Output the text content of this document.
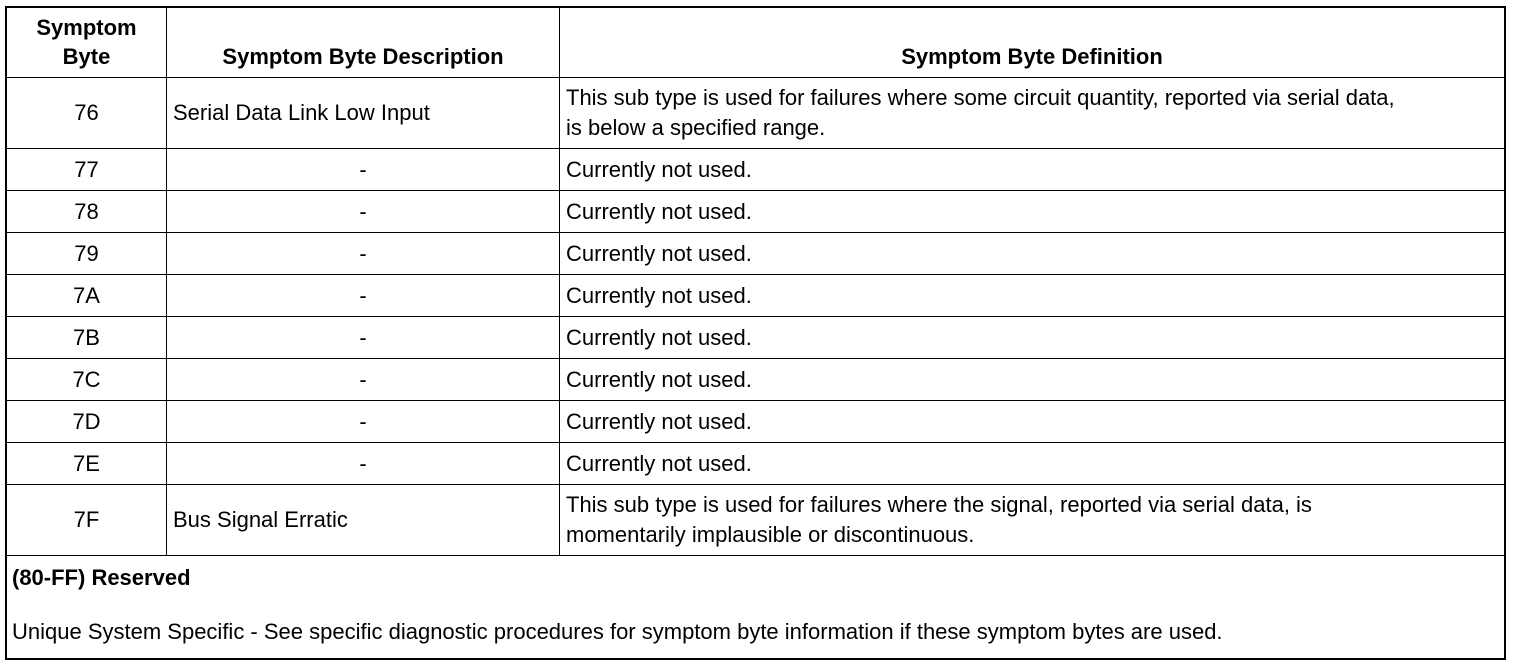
Symptom
Byte	Symptom Byte Description	Symptom Byte Definition
76	Serial Data Link Low Input	This sub type is used for failures where some circuit quantity, reported via serial data,
is below a specified range.
77	-	Currently not used.
78	-	Currently not used.
79	-	Currently not used.
7A	-	Currently not used.
7B	-	Currently not used.
7C	-	Currently not used.
7D	-	Currently not used.
7E	-	Currently not used.
7F	Bus Signal Erratic	This sub type is used for failures where the signal, reported via serial data, is
momentarily implausible or discontinuous.
(80-FF) Reserved
Unique System Specific - See specific diagnostic procedures for symptom byte information if these symptom bytes are used.
